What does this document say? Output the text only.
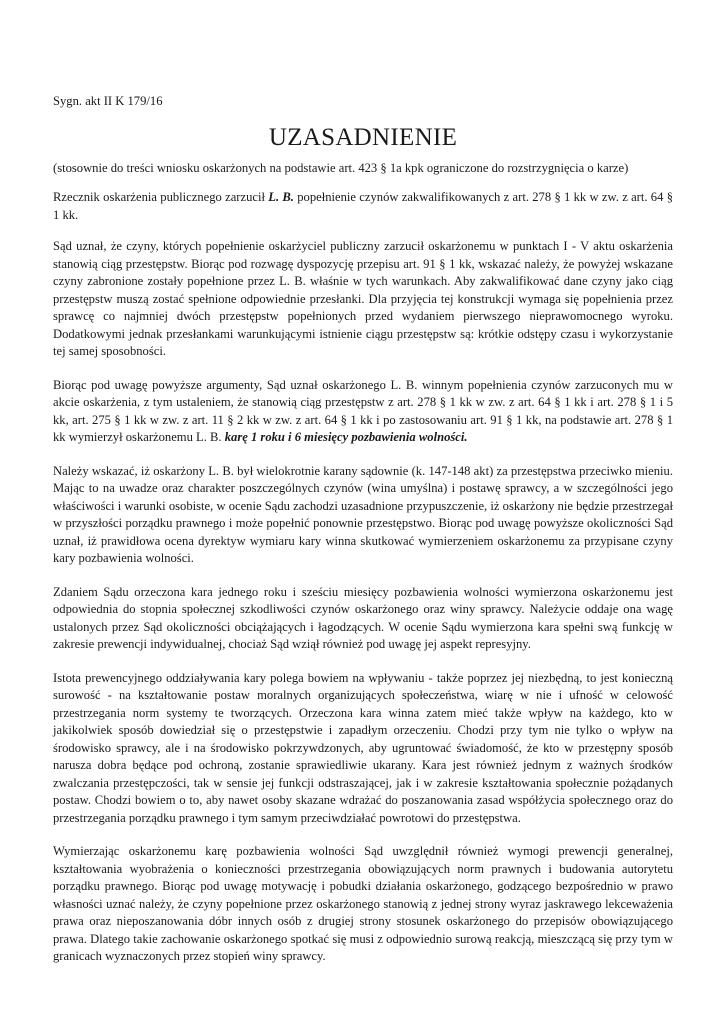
Sygn. akt II K 179/16
UZASADNIENIE
(stosownie do treści wniosku oskarżonych na podstawie art. 423 § 1a kpk ograniczone do rozstrzygnięcia o karze)

Rzecznik oskarżenia publicznego zarzucił L. B. popełnienie czynów zakwalifikowanych z art. 278 § 1 kk w zw. z art. 64 § 1 kk.

Sąd uznał, że czyny, których popełnienie oskarżyciel publiczny zarzucił oskarżonemu w punktach I - V aktu oskarżenia stanowią ciąg przestępstw. Biorąc pod rozwagę dyspozycję przepisu art. 91 § 1 kk, wskazać należy, że powyżej wskazane czyny zabronione zostały popełnione przez L. B. właśnie w tych warunkach. Aby zakwalifikować dane czyny jako ciąg przestępstw muszą zostać spełnione odpowiednie przesłanki. Dla przyjęcia tej konstrukcji wymaga się popełnienia przez sprawcę co najmniej dwóch przestępstw popełnionych przed wydaniem pierwszego nieprawomocnego wyroku. Dodatkowymi jednak przesłankami warunkującymi istnienie ciągu przestępstw są: krótkie odstępy czasu i wykorzystanie tej samej sposobności.

Biorąc pod uwagę powyższe argumenty, Sąd uznał oskarżonego L. B. winnym popełnienia czynów zarzuconych mu w akcie oskarżenia, z tym ustaleniem, że stanowią ciąg przestępstw z art. 278 § 1 kk w zw. z art. 64 § 1 kk i art. 278 § 1 i 5 kk, art. 275 § 1 kk w zw. z art. 11 § 2 kk w zw. z art. 64 § 1 kk i po zastosowaniu art. 91 § 1 kk, na podstawie art. 278 § 1 kk wymierzył oskarżonemu L. B. karę 1 roku i 6 miesięcy pozbawienia wolności.

Należy wskazać, iż oskarżony L. B. był wielokrotnie karany sądownie (k. 147-148 akt) za przestępstwa przeciwko mieniu. Mając to na uwadze oraz charakter poszczególnych czynów (wina umyślna) i postawę sprawcy, a w szczególności jego właściwości i warunki osobiste, w ocenie Sądu zachodzi uzasadnione przypuszczenie, iż oskarżony nie będzie przestrzegał w przyszłości porządku prawnego i może popełnić ponownie przestępstwo. Biorąc pod uwagę powyższe okoliczności Sąd uznał, iż prawidłowa ocena dyrektyw wymiaru kary winna skutkować wymierzeniem oskarżonemu za przypisane czyny kary pozbawienia wolności.

Zdaniem Sądu orzeczona kara jednego roku i sześciu miesięcy pozbawienia wolności wymierzona oskarżonemu jest odpowiednia do stopnia społecznej szkodliwości czynów oskarżonego oraz winy sprawcy. Należycie oddaje ona wagę ustalonych przez Sąd okoliczności obciążających i łagodzących. W ocenie Sądu wymierzona kara spełni swą funkcję w zakresie prewencji indywidualnej, chociaż Sąd wziął również pod uwagę jej aspekt represyjny.

Istota prewencyjnego oddziaływania kary polega bowiem na wpływaniu - także poprzez jej niezbędną, to jest konieczną surowość - na kształtowanie postaw moralnych organizujących społeczeństwa, wiarę w nie i ufność w celowość przestrzegania norm systemy te tworzących. Orzeczona kara winna zatem mieć także wpływ na każdego, kto w jakikolwiek sposób dowiedział się o przestępstwie i zapadłym orzeczeniu. Chodzi przy tym nie tylko o wpływ na środowisko sprawcy, ale i na środowisko pokrzywdzonych, aby ugruntować świadomość, że kto w przestępny sposób narusza dobra będące pod ochroną, zostanie sprawiedliwie ukarany. Kara jest również jednym z ważnych środków zwalczania przestępczości, tak w sensie jej funkcji odstraszającej, jak i w zakresie kształtowania społecznie pożądanych postaw. Chodzi bowiem o to, aby nawet osoby skazane wdrażać do poszanowania zasad współżycia społecznego oraz do przestrzegania porządku prawnego i tym samym przeciwdziałać powrotowi do przestępstwa.

Wymierzając oskarżonemu karę pozbawienia wolności Sąd uwzględnił również wymogi prewencji generalnej, kształtowania wyobrażenia o konieczności przestrzegania obowiązujących norm prawnych i budowania autorytetu porządku prawnego. Biorąc pod uwagę motywację i pobudki działania oskarżonego, godzącego bezpośrednio w prawo własności uznać należy, że czyny popełnione przez oskarżonego stanowią z jednej strony wyraz jaskrawego lekceważenia prawa oraz nieposzanowania dóbr innych osób z drugiej strony stosunek oskarżonego do przepisów obowiązującego prawa. Dlatego takie zachowanie oskarżonego spotkać się musi z odpowiednio surową reakcją, mieszczącą się przy tym w granicach wyznaczonych przez stopień winy sprawcy.
